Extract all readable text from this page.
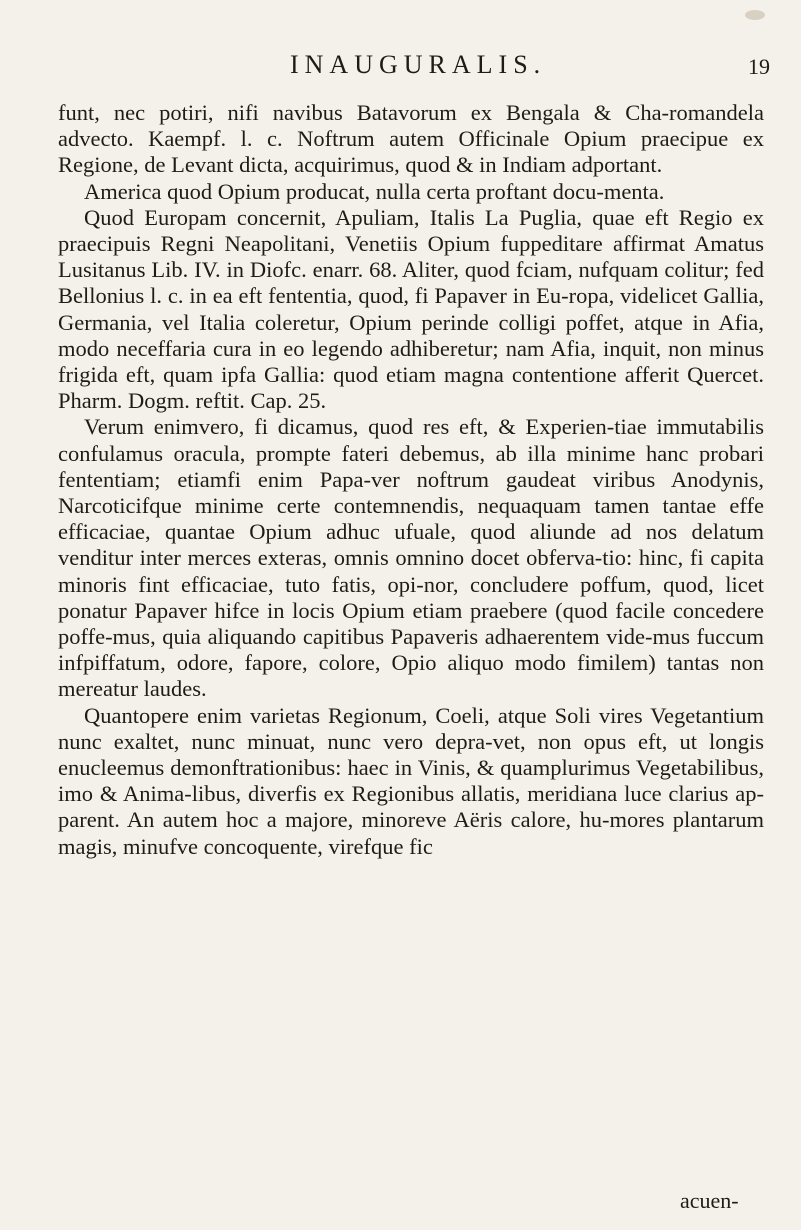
INAUGURALIS.	19

funt, nec potiri, nifi navibus Batavorum ex Bengala & Cha-romandela advecto. Kaempf. l. c. Noftrum autem Officinale Opium praecipue ex Regione, de Levant dicta, acquirimus, quod & in Indiam adportant.

America quod Opium producat, nulla certa proftant docu-menta.

Quod Europam concernit, Apuliam, Italis La Puglia, quae eft Regio ex praecipuis Regni Neapolitani, Venetiis Opium fuppeditare affirmat Amatus Lusitanus Lib. IV. in Diofc. enarr. 68. Aliter, quod fciam, nufquam colitur; fed Bellonius l. c. in ea eft fententia, quod, fi Papaver in Eu-ropa, videlicet Gallia, Germania, vel Italia coleretur, Opium perinde colligi poffet, atque in Afia, modo neceffaria cura in eo legendo adhiberetur; nam Afia, inquit, non minus frigida eft, quam ipfa Gallia: quod etiam magna contentione afferit Quercet. Pharm. Dogm. reftit. Cap. 25.

Verum enimvero, fi dicamus, quod res eft, & Experien-tiae immutabilis confulamus oracula, prompte fateri debemus, ab illa minime hanc probari fententiam; etiamfi enim Papa-ver noftrum gaudeat viribus Anodynis, Narcoticifque minime certe contemnendis, nequaquam tamen tantae effe efficaciae, quantae Opium adhuc ufuale, quod aliunde ad nos delatum venditur inter merces exteras, omnis omnino docet obferva-tio: hinc, fi capita minoris fint efficaciae, tuto fatis, opi-nor, concludere poffum, quod, licet ponatur Papaver hifce in locis Opium etiam praebere (quod facile concedere poffe-mus, quia aliquando capitibus Papaveris adhaerentem vide-mus fuccum infpiffatum, odore, fapore, colore, Opio aliquo modo fimilem) tantas non mereatur laudes.

Quantopere enim varietas Regionum, Coeli, atque Soli vires Vegetantium nunc exaltet, nunc minuat, nunc vero depra-vet, non opus eft, ut longis enucleemus demonftrationibus: haec in Vinis, & quamplurimus Vegetabilibus, imo & Anima-libus, diverfis ex Regionibus allatis, meridiana luce clarius ap-parent. An autem hoc a majore, minoreve Aëris calore, hu-mores plantarum magis, minufve concoquente, virefque fic

acuen-
